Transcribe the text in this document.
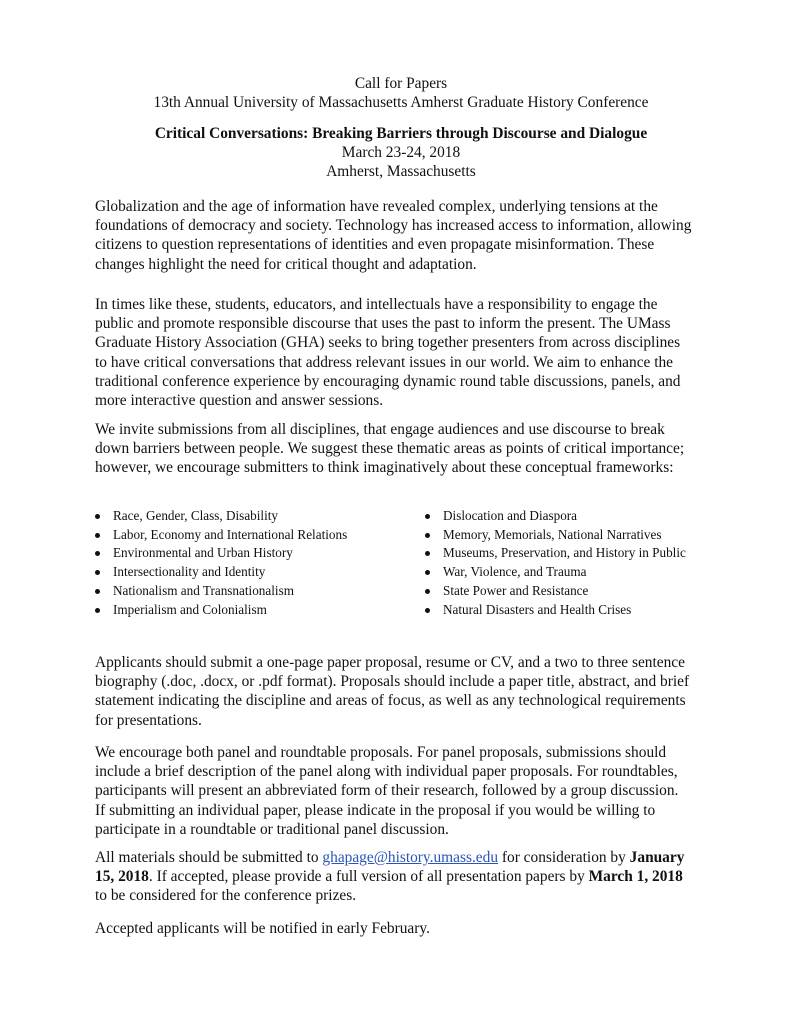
Call for Papers
13th Annual University of Massachusetts Amherst Graduate History Conference
Critical Conversations: Breaking Barriers through Discourse and Dialogue
March 23-24, 2018
Amherst, Massachusetts

Globalization and the age of information have revealed complex, underlying tensions at the
foundations of democracy and society. Technology has increased access to information, allowing
citizens to question representations of identities and even propagate misinformation. These
changes highlight the need for critical thought and adaptation.

In times like these, students, educators, and intellectuals have a responsibility to engage the
public and promote responsible discourse that uses the past to inform the present. The UMass
Graduate History Association (GHA) seeks to bring together presenters from across disciplines
to have critical conversations that address relevant issues in our world. We aim to enhance the
traditional conference experience by encouraging dynamic round table discussions, panels, and
more interactive question and answer sessions.

We invite submissions from all disciplines, that engage audiences and use discourse to break
down barriers between people. We suggest these thematic areas as points of critical importance;
however, we encourage submitters to think imaginatively about these conceptual frameworks:

Race, Gender, Class, Disability
Labor, Economy and International Relations
Environmental and Urban History
Intersectionality and Identity
Nationalism and Transnationalism
Imperialism and Colonialism
Dislocation and Diaspora
Memory, Memorials, National Narratives
Museums, Preservation, and History in Public
War, Violence, and Trauma
State Power and Resistance
Natural Disasters and Health Crises

Applicants should submit a one-page paper proposal, resume or CV, and a two to three sentence
biography (.doc, .docx, or .pdf format). Proposals should include a paper title, abstract, and brief
statement indicating the discipline and areas of focus, as well as any technological requirements
for presentations.

We encourage both panel and roundtable proposals. For panel proposals, submissions should
include a brief description of the panel along with individual paper proposals. For roundtables,
participants will present an abbreviated form of their research, followed by a group discussion.
If submitting an individual paper, please indicate in the proposal if you would be willing to
participate in a roundtable or traditional panel discussion.

All materials should be submitted to ghapage@history.umass.edu for consideration by January
15, 2018. If accepted, please provide a full version of all presentation papers by March 1, 2018
to be considered for the conference prizes.

Accepted applicants will be notified in early February.
